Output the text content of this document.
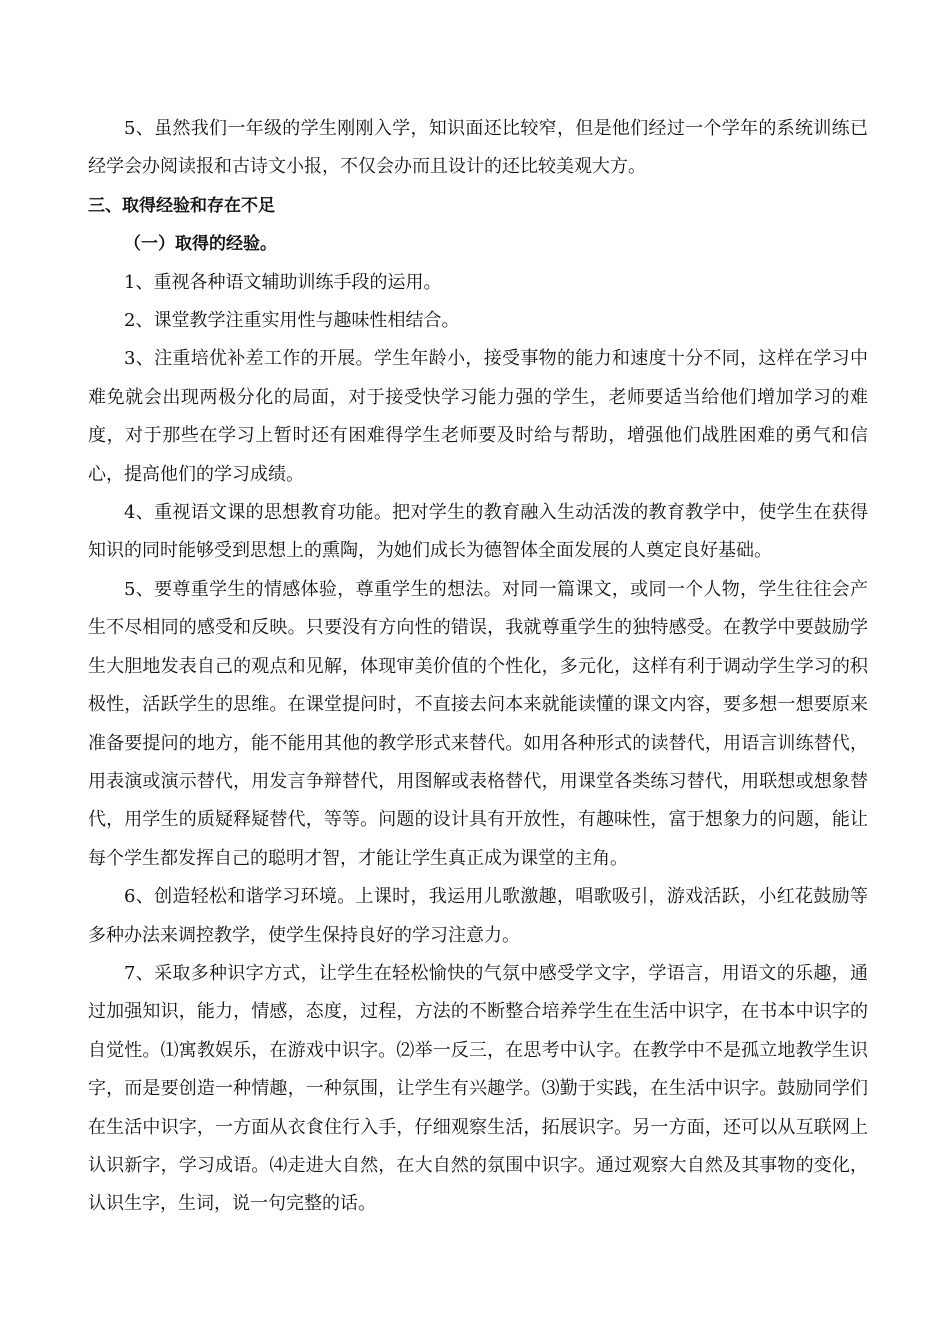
5、虽然我们一年级的学生刚刚入学，知识面还比较窄，但是他们经过一个学年的系统训练已经学会办阅读报和古诗文小报，不仅会办而且设计的还比较美观大方。

三、取得经验和存在不足

（一）取得的经验。

1、重视各种语文辅助训练手段的运用。

2、课堂教学注重实用性与趣味性相结合。

3、注重培优补差工作的开展。学生年龄小，接受事物的能力和速度十分不同，这样在学习中难免就会出现两极分化的局面，对于接受快学习能力强的学生，老师要适当给他们增加学习的难度，对于那些在学习上暂时还有困难得学生老师要及时给与帮助，增强他们战胜困难的勇气和信心，提高他们的学习成绩。

4、重视语文课的思想教育功能。把对学生的教育融入生动活泼的教育教学中，使学生在获得知识的同时能够受到思想上的熏陶，为她们成长为德智体全面发展的人奠定良好基础。

5、要尊重学生的情感体验，尊重学生的想法。对同一篇课文，或同一个人物，学生往往会产生不尽相同的感受和反映。只要没有方向性的错误，我就尊重学生的独特感受。在教学中要鼓励学生大胆地发表自己的观点和见解，体现审美价值的个性化，多元化，这样有利于调动学生学习的积极性，活跃学生的思维。在课堂提问时，不直接去问本来就能读懂的课文内容，要多想一想要原来准备要提问的地方，能不能用其他的教学形式来替代。如用各种形式的读替代，用语言训练替代，用表演或演示替代，用发言争辩替代，用图解或表格替代，用课堂各类练习替代，用联想或想象替代，用学生的质疑释疑替代，等等。问题的设计具有开放性，有趣味性，富于想象力的问题，能让每个学生都发挥自己的聪明才智，才能让学生真正成为课堂的主角。

6、创造轻松和谐学习环境。上课时，我运用儿歌激趣，唱歌吸引，游戏活跃，小红花鼓励等多种办法来调控教学，使学生保持良好的学习注意力。

7、采取多种识字方式，让学生在轻松愉快的气氛中感受学文字，学语言，用语文的乐趣，通过加强知识，能力，情感，态度，过程，方法的不断整合培养学生在生活中识字，在书本中识字的自觉性。⑴寓教娱乐，在游戏中识字。⑵举一反三，在思考中认字。在教学中不是孤立地教学生识字，而是要创造一种情趣，一种氛围，让学生有兴趣学。⑶勤于实践，在生活中识字。鼓励同学们在生活中识字，一方面从衣食住行入手，仔细观察生活，拓展识字。另一方面，还可以从互联网上认识新字，学习成语。⑷走进大自然，在大自然的氛围中识字。通过观察大自然及其事物的变化，认识生字，生词，说一句完整的话。
